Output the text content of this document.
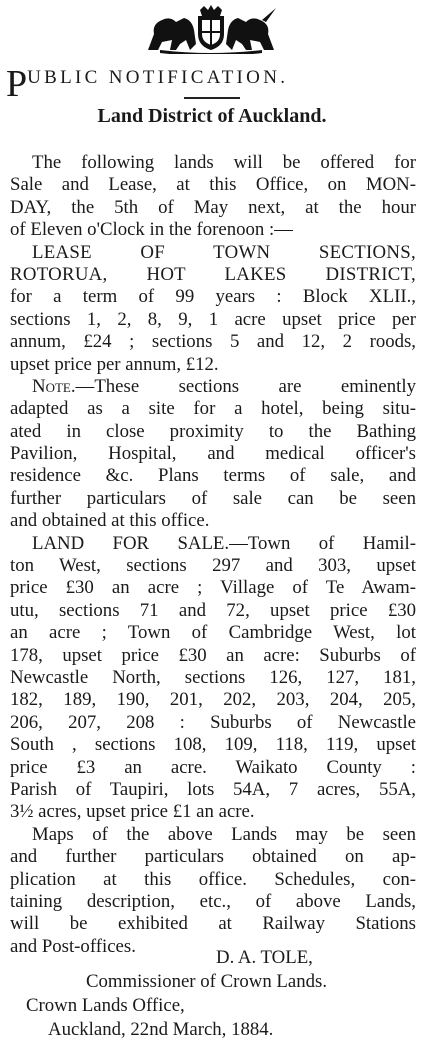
PUBLIC NOTIFICATION.
Land District of Auckland.
The following lands will be offered for
Sale and Lease, at this Office, on MON-
DAY, the 5th of May next, at the hour
of Eleven o'Clock in the forenoon :—
LEASE OF TOWN SECTIONS,
ROTORUA, HOT LAKES DISTRICT,
for a term of 99 years : Block XLII.,
sections 1, 2, 8, 9, 1 acre upset price per
annum, £24 ; sections 5 and 12, 2 roods,
upset price per annum, £12.
Note.—These sections are eminently
adapted as a site for a hotel, being situ-
ated in close proximity to the Bathing
Pavilion, Hospital, and medical officer's
residence &c. Plans terms of sale, and
further particulars of sale can be seen
and obtained at this office.
LAND FOR SALE.—Town of Hamil-
ton West, sections 297 and 303, upset
price £30 an acre ; Village of Te Awam-
utu, sections 71 and 72, upset price £30
an acre ; Town of Cambridge West, lot
178, upset price £30 an acre: Suburbs of
Newcastle North, sections 126, 127, 181,
182, 189, 190, 201, 202, 203, 204, 205,
206, 207, 208 : Suburbs of Newcastle
South , sections 108, 109, 118, 119, upset
price £3 an acre. Waikato County :
Parish of Taupiri, lots 54A, 7 acres, 55A,
3½ acres, upset price £1 an acre.
Maps of the above Lands may be seen
and further particulars obtained on ap-
plication at this office. Schedules, con-
taining description, etc., of above Lands,
will be exhibited at Railway Stations
and Post-offices.
D. A. TOLE,
Commissioner of Crown Lands.
Crown Lands Office,
Auckland, 22nd March, 1884.
